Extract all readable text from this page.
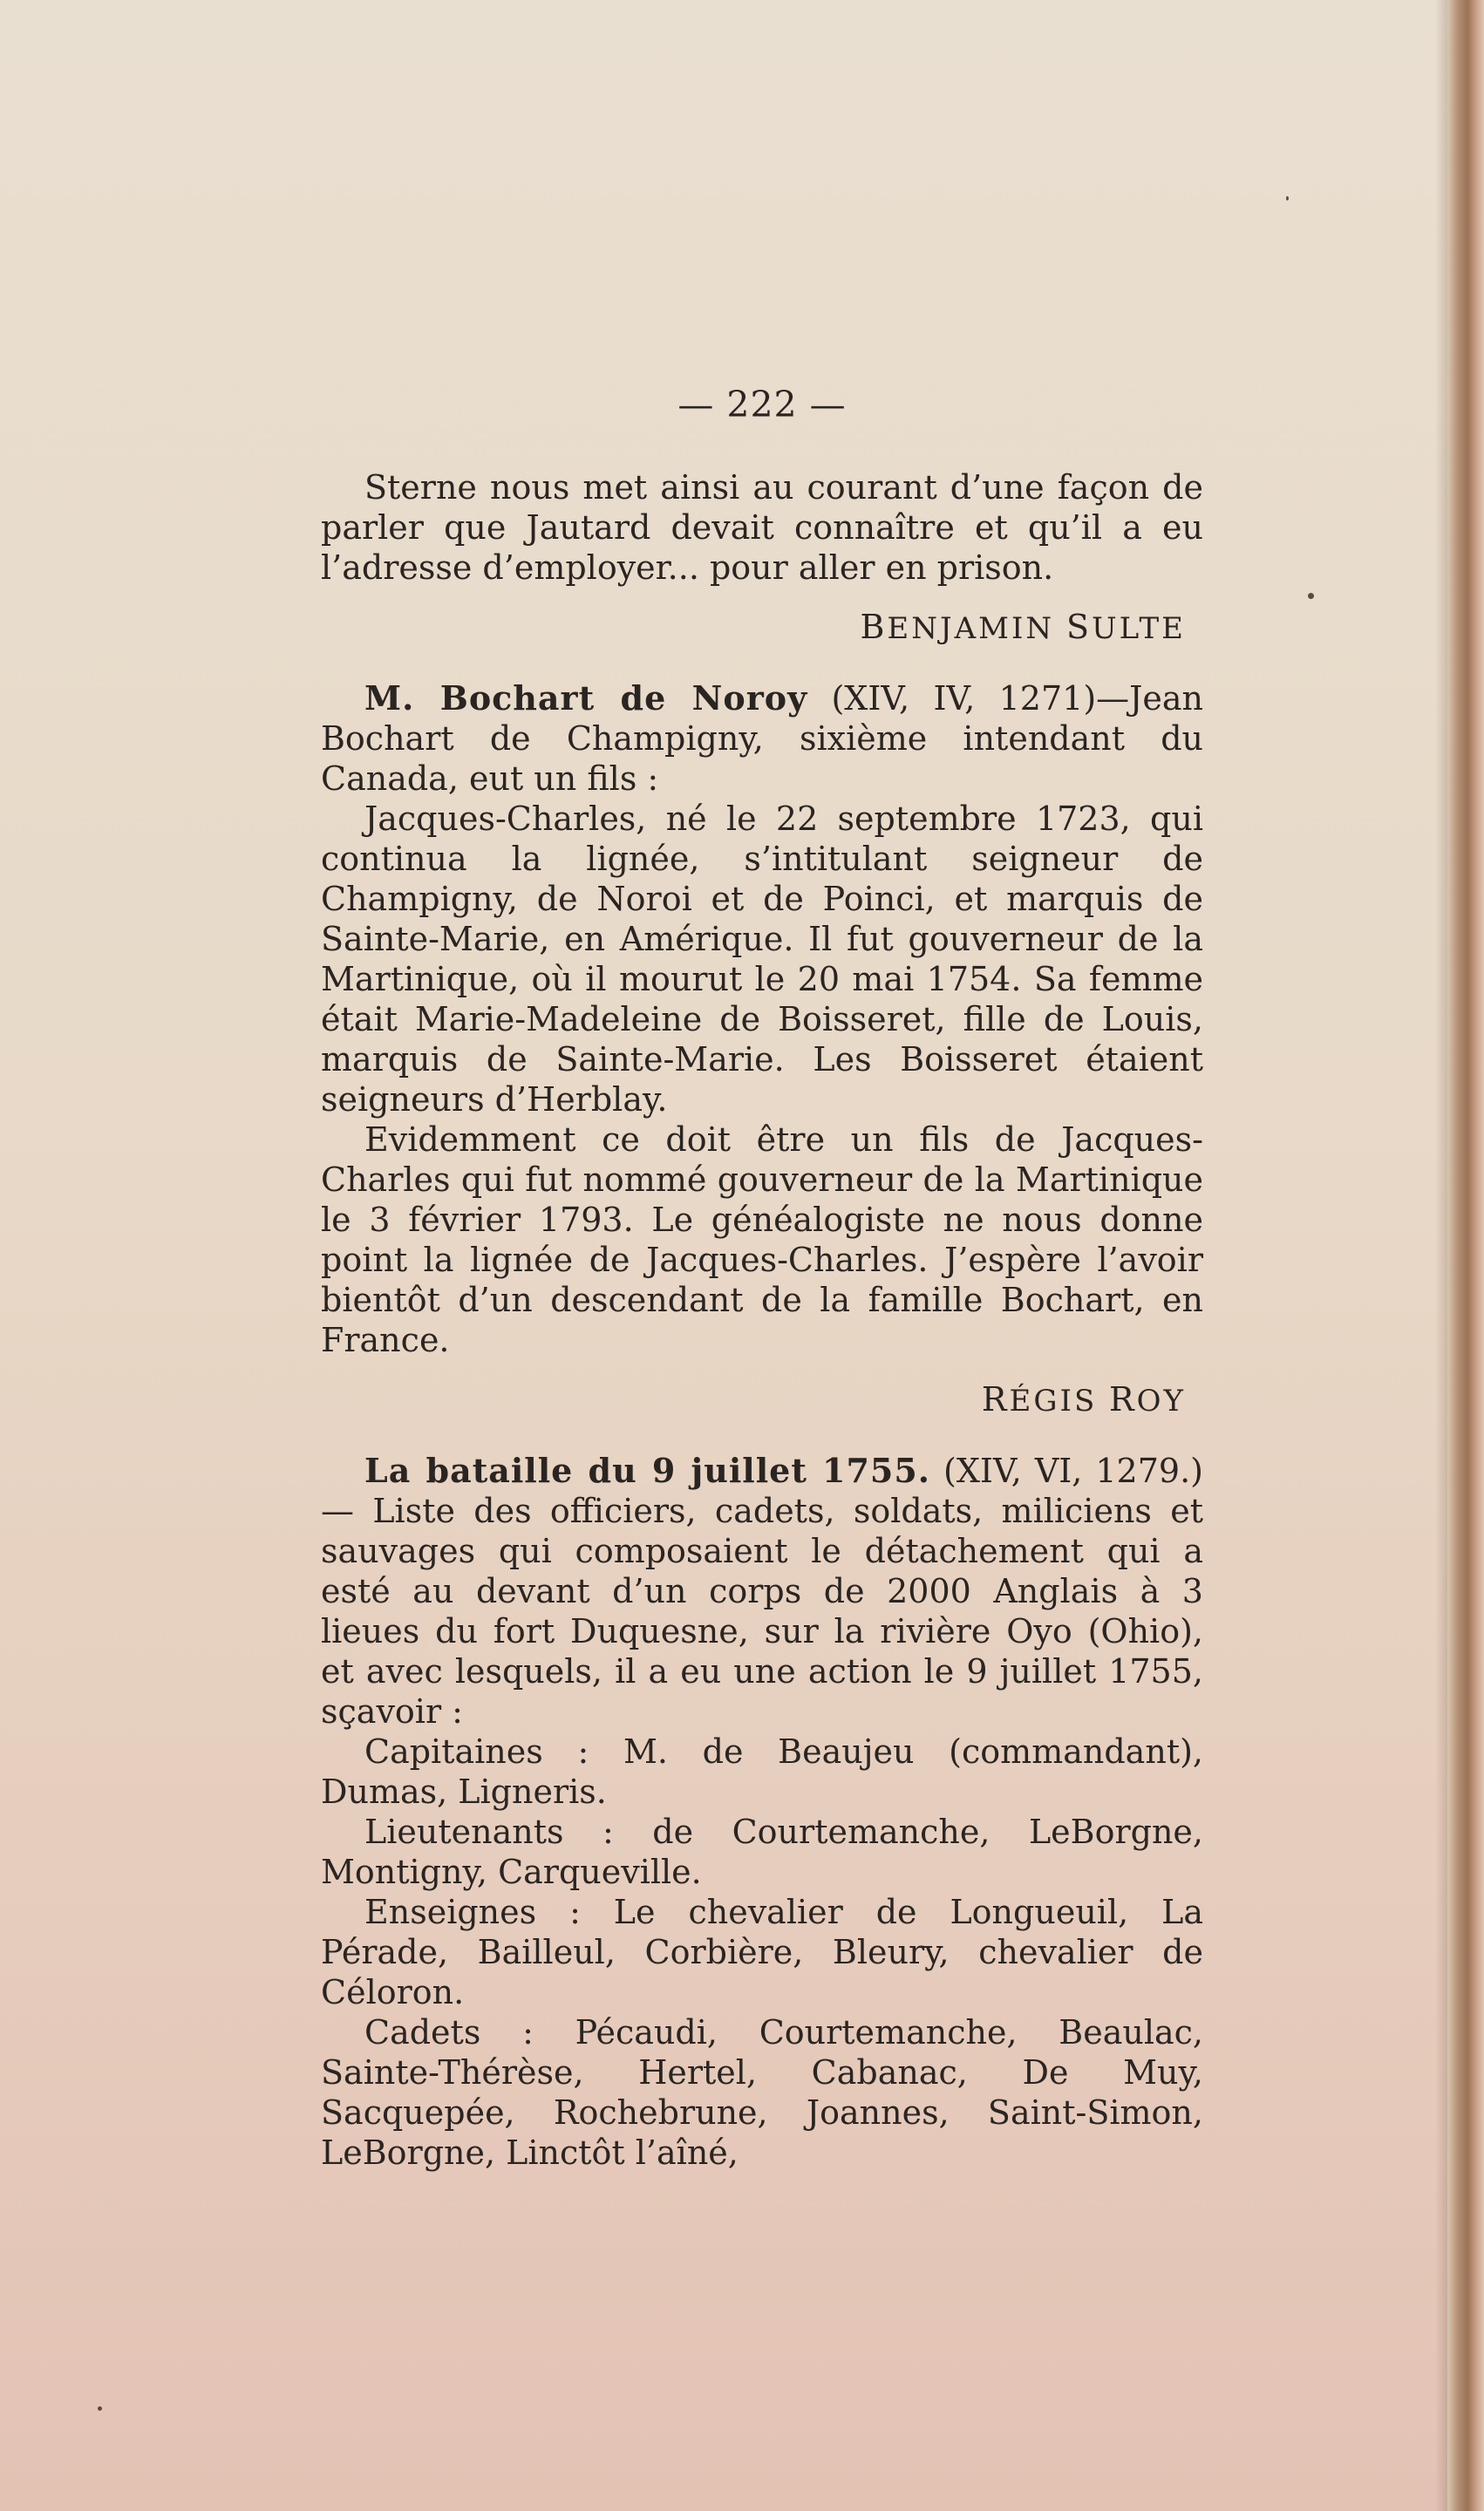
— 222 —

Sterne nous met ainsi au courant d’une façon de parler que Jautard devait connaître et qu’il a eu l’adresse d’employer... pour aller en prison.

BENJAMIN SULTE

M. Bochart de Noroy (XIV, IV, 1271)—Jean Bochart de Champigny, sixième intendant du Canada, eut un fils :

Jacques-Charles, né le 22 septembre 1723, qui continua la lignée, s’intitulant seigneur de Champigny, de Noroi et de Poinci, et marquis de Sainte-Marie, en Amérique. Il fut gouverneur de la Martinique, où il mourut le 20 mai 1754. Sa femme était Marie-Madeleine de Boisseret, fille de Louis, marquis de Sainte-Marie. Les Boisseret étaient seigneurs d’Herblay.

Evidemment ce doit être un fils de Jacques-Charles qui fut nommé gouverneur de la Martinique le 3 février 1793. Le généalogiste ne nous donne point la lignée de Jacques-Charles. J’espère l’avoir bientôt d’un descendant de la famille Bochart, en France.

RÉGIS ROY

La bataille du 9 juillet 1755. (XIV, VI, 1279.)— Liste des officiers, cadets, soldats, miliciens et sauvages qui composaient le détachement qui a esté au devant d’un corps de 2000 Anglais à 3 lieues du fort Duquesne, sur la rivière Oyo (Ohio), et avec lesquels, il a eu une action le 9 juillet 1755, sçavoir :

Capitaines : M. de Beaujeu (commandant), Dumas, Ligneris.

Lieutenants : de Courtemanche, LeBorgne, Montigny, Carqueville.

Enseignes : Le chevalier de Longueuil, La Pérade, Bailleul, Corbière, Bleury, chevalier de Céloron.

Cadets : Pécaudi, Courtemanche, Beaulac, Sainte-Thérèse, Hertel, Cabanac, De Muy, Sacquepée, Rochebrune, Joannes, Saint-Simon, LeBorgne, Linctôt l’aîné,
